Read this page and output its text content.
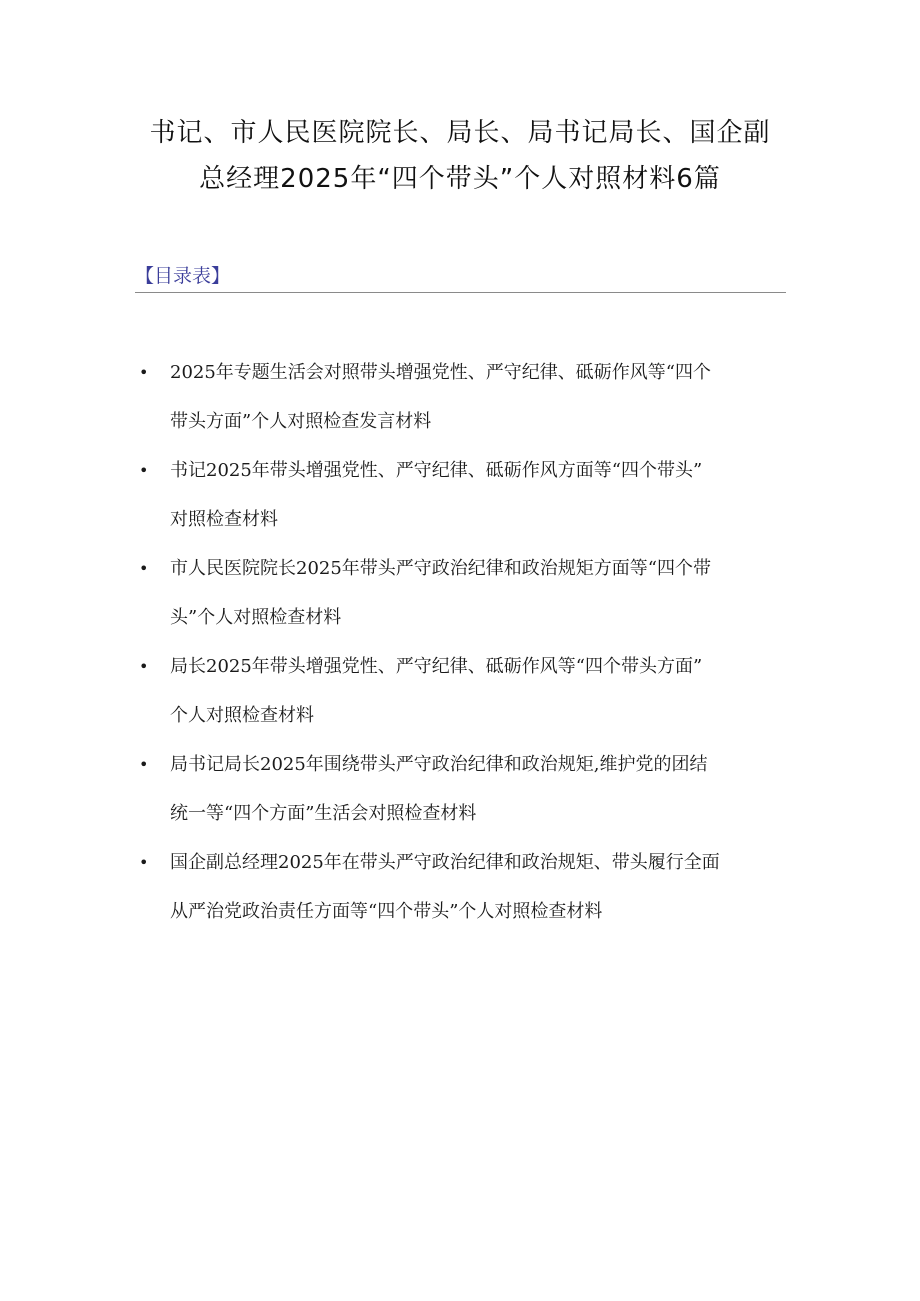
书记、市人民医院院长、局长、局书记局长、国企副
总经理2025年“四个带头”个人对照材料6篇
【目录表】
• 2025年专题生活会对照带头增强党性、严守纪律、砥砺作风等“四个
带头方面”个人对照检查发言材料
• 书记2025年带头增强党性、严守纪律、砥砺作风方面等“四个带头”
对照检查材料
• 市人民医院院长2025年带头严守政治纪律和政治规矩方面等“四个带
头”个人对照检查材料
• 局长2025年带头增强党性、严守纪律、砥砺作风等“四个带头方面”
个人对照检查材料
• 局书记局长2025年围绕带头严守政治纪律和政治规矩,维护党的团结
统一等“四个方面”生活会对照检查材料
• 国企副总经理2025年在带头严守政治纪律和政治规矩、带头履行全面
从严治党政治责任方面等“四个带头”个人对照检查材料
